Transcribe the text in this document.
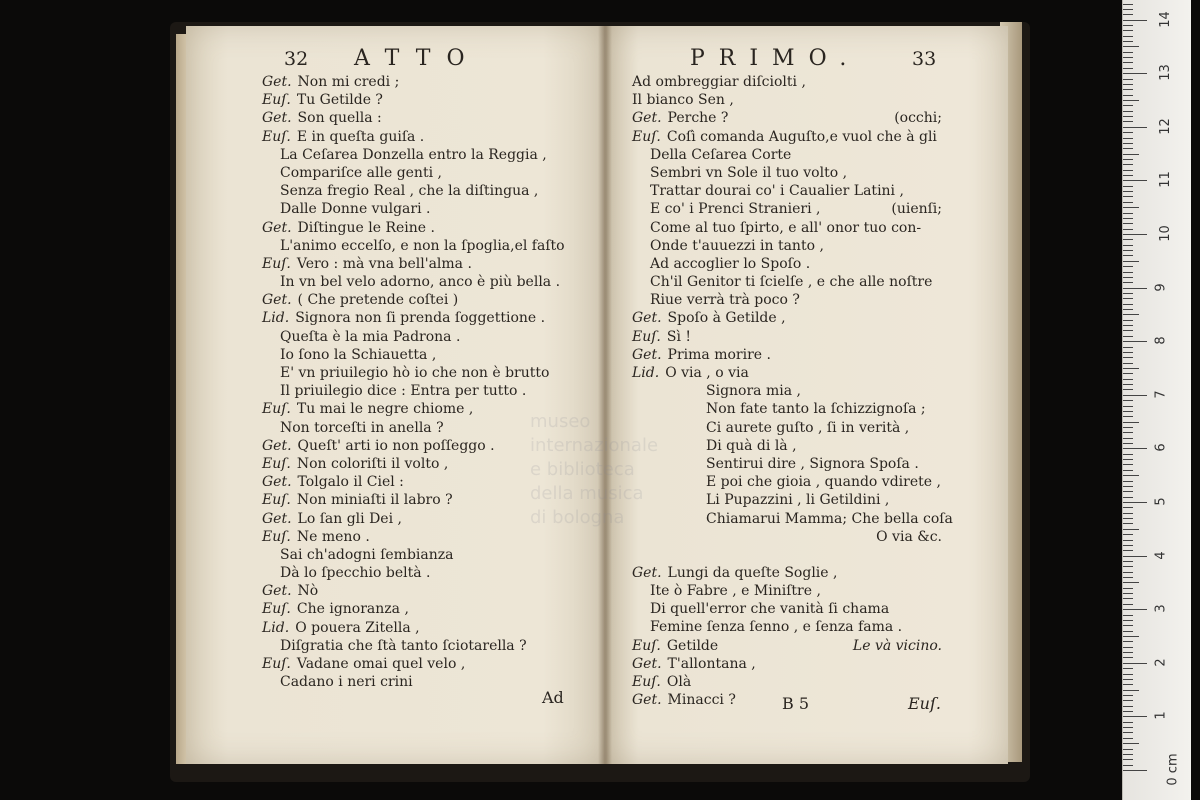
32 ATTO	PRIMO.	33
Get. Non mi credi ;
Euſ. Tu Getilde ?
Get. Son quella :
Euſ. E in queſta guiſa .
La Ceſarea Donzella entro la Reggia ,
Compariſce alle genti ,
Senza fregio Real , che la diſtingua ,
Dalle Donne vulgari .
Get. Diſtingue le Reine .
L'animo eccelſo, e non la ſpoglia,el faſto
Euſ. Vero : mà vna bell'alma .
In vn bel velo adorno, anco è più bella .
Get. ( Che pretende coſtei )
Lid. Signora non ſi prenda ſoggettione .
Queſta è la mia Padrona .
Io ſono la Schiauetta ,
E' vn priuilegio hò io che non è brutto
Il priuilegio dice : Entra per tutto .
Euſ. Tu mai le negre chiome ,
Non torceſti in anella ?
Get. Queſt' arti io non poſſeggo .
Euſ. Non coloriſti il volto ,
Get. Tolgalo il Ciel :
Euſ. Non miniaſti il labro ?
Get. Lo ſan gli Dei ,
Euſ. Ne meno .
Sai ch'adogni ſembianza
Dà lo ſpecchio beltà .
Get. Nò
Euſ. Che ignoranza ,
Lid. O pouera Zitella ,
Diſgratia che ſtà tanto ſciotarella ?
Euſ. Vadane omai quel velo ,
Cadano i neri crini
Ad ombreggiar diſciolti ,
Il bianco Sen ,
Get. Perche ?	(occhi;
Euſ. Coſì comanda Auguſto,e vuol che à gli
Della Ceſarea Corte
Sembri vn Sole il tuo volto ,
Trattar dourai co' i Caualier Latini ,
E co' i Prenci Stranieri ,	(uienſi;
Come al tuo ſpirto, e all' onor tuo con-
Onde t'auuezzi in tanto ,
Ad accoglier lo Spoſo .
Ch'il Genitor ti ſcielſe , e che alle noſtre
Riue verrà trà poco ?
Get. Spoſo à Getilde ,
Euſ. Sì !
Get. Prima morire .
Lid. O via , o via
Signora mia ,
Non fate tanto la ſchizzignoſa ;
Ci aurete guſto , ſi in verità ,
Di quà di là ,
Sentirui dire , Signora Spoſa .
E poi che gioia , quando vdirete ,
Li Pupazzini , li Getildini ,
Chiamarui Mamma; Che bella coſa
O via &c.
Get. Lungi da queſte Soglie ,
Ite ò Fabre , e Miniſtre ,
Di quell'error che vanità ſi chama
Femine ſenza ſenno , e ſenza fama .
Euſ. Getilde	Le và vicino.
Get. T'allontana ,
Euſ. Olà
Get. Minacci ?
Ad	B 5	Euſ.
0 cm
1
2
3
4
5
6
7
8
9
10
11
12
13
14
